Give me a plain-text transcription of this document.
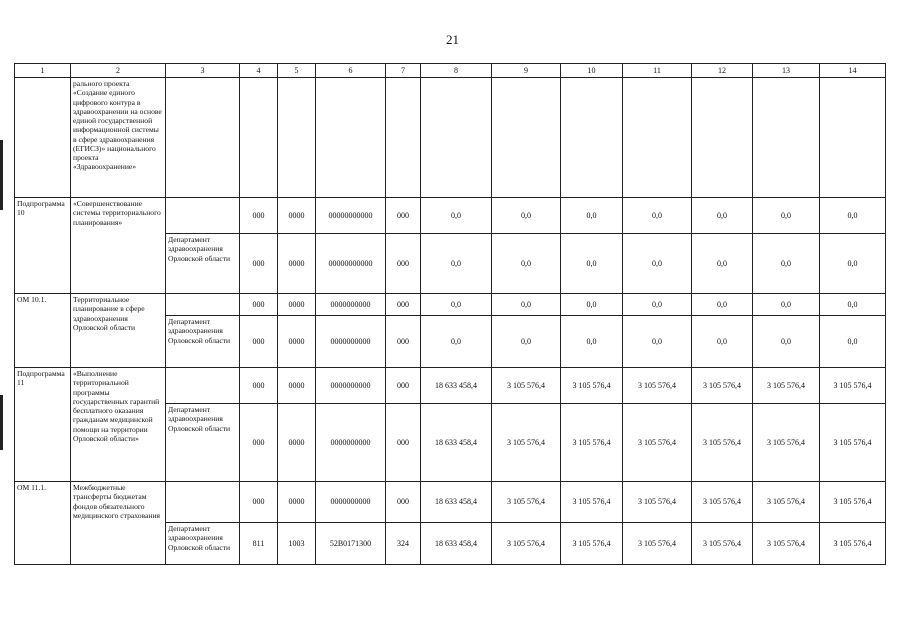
21
1	2	3	4	5	6	7	8	9	10	11	12	13	14
	рального проекта «Создание единого цифрового контура в здравоохранении на основе единой государственной информационной системы в сфере здравоохранения (ЕГИСЗ)» национального проекта «Здравоохранение»												
Подпрограмма 10	«Совершенствование системы территориального планирования»		000	0000	00000000000	000	0,0	0,0	0,0	0,0	0,0	0,0	0,0
		Департамент здравоохранения Орловской области	000	0000	00000000000	000	0,0	0,0	0,0	0,0	0,0	0,0	0,0
ОМ 10.1.	Территориальное планирование в сфере здравоохранения Орловской области		000	0000	0000000000	000	0,0	0,0	0,0	0,0	0,0	0,0	0,0
		Департамент здравоохранения Орловской области	000	0000	0000000000	000	0,0	0,0	0,0	0,0	0,0	0,0	0,0
Подпрограмма 11	«Выполнение территориальной программы государственных гарантий бесплатного оказания гражданам медицинской помощи на территории Орловской области»		000	0000	0000000000	000	18 633 458,4	3 105 576,4	3 105 576,4	3 105 576,4	3 105 576,4	3 105 576,4	3 105 576,4
		Департамент здравоохранения Орловской области	000	0000	0000000000	000	18 633 458,4	3 105 576,4	3 105 576,4	3 105 576,4	3 105 576,4	3 105 576,4	3 105 576,4
ОМ 11.1.	Межбюджетные трансферты бюджетам фондов обязательного медицинского страхования		000	0000	0000000000	000	18 633 458,4	3 105 576,4	3 105 576,4	3 105 576,4	3 105 576,4	3 105 576,4	3 105 576,4
		Департамент здравоохранения Орловской области	811	1003	52В0171300	324	18 633 458,4	3 105 576,4	3 105 576,4	3 105 576,4	3 105 576,4	3 105 576,4	3 105 576,4
